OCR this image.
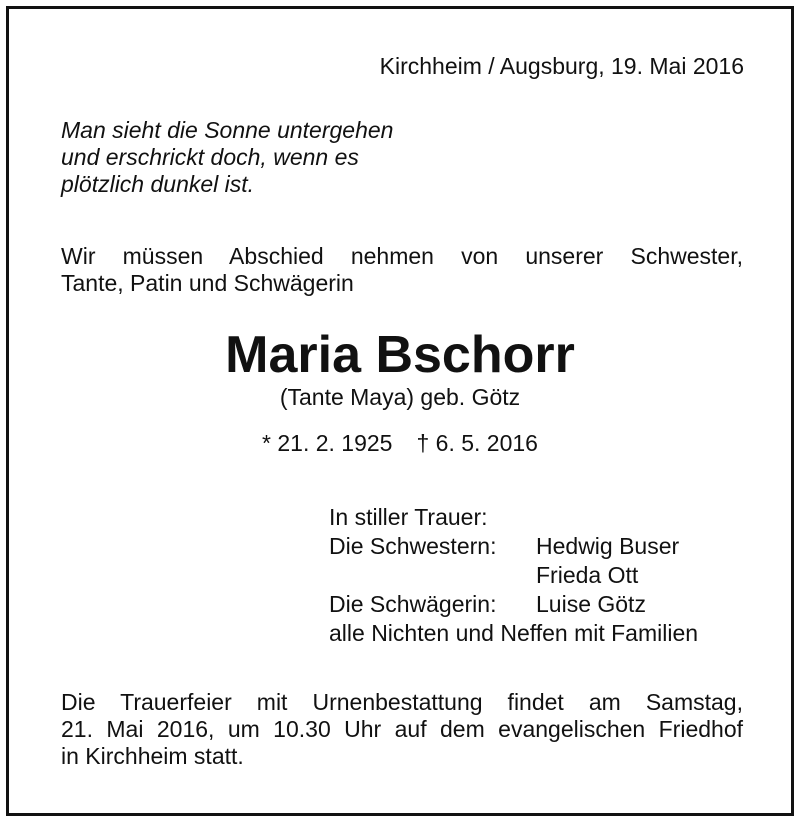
Kirchheim / Augsburg, 19. Mai 2016
Man sieht die Sonne untergehen
und erschrickt doch, wenn es
plötzlich dunkel ist.
Wir müssen Abschied nehmen von unserer Schwester,
Tante, Patin und Schwägerin
Maria Bschorr
(Tante Maya) geb. Götz
* 21. 2. 1925 † 6. 5. 2016
In stiller Trauer:
Die Schwestern: Hedwig Buser
Frieda Ott
Die Schwägerin: Luise Götz
alle Nichten und Neffen mit Familien
Die Trauerfeier mit Urnenbestattung findet am Samstag,
21. Mai 2016, um 10.30 Uhr auf dem evangelischen Friedhof
in Kirchheim statt.
